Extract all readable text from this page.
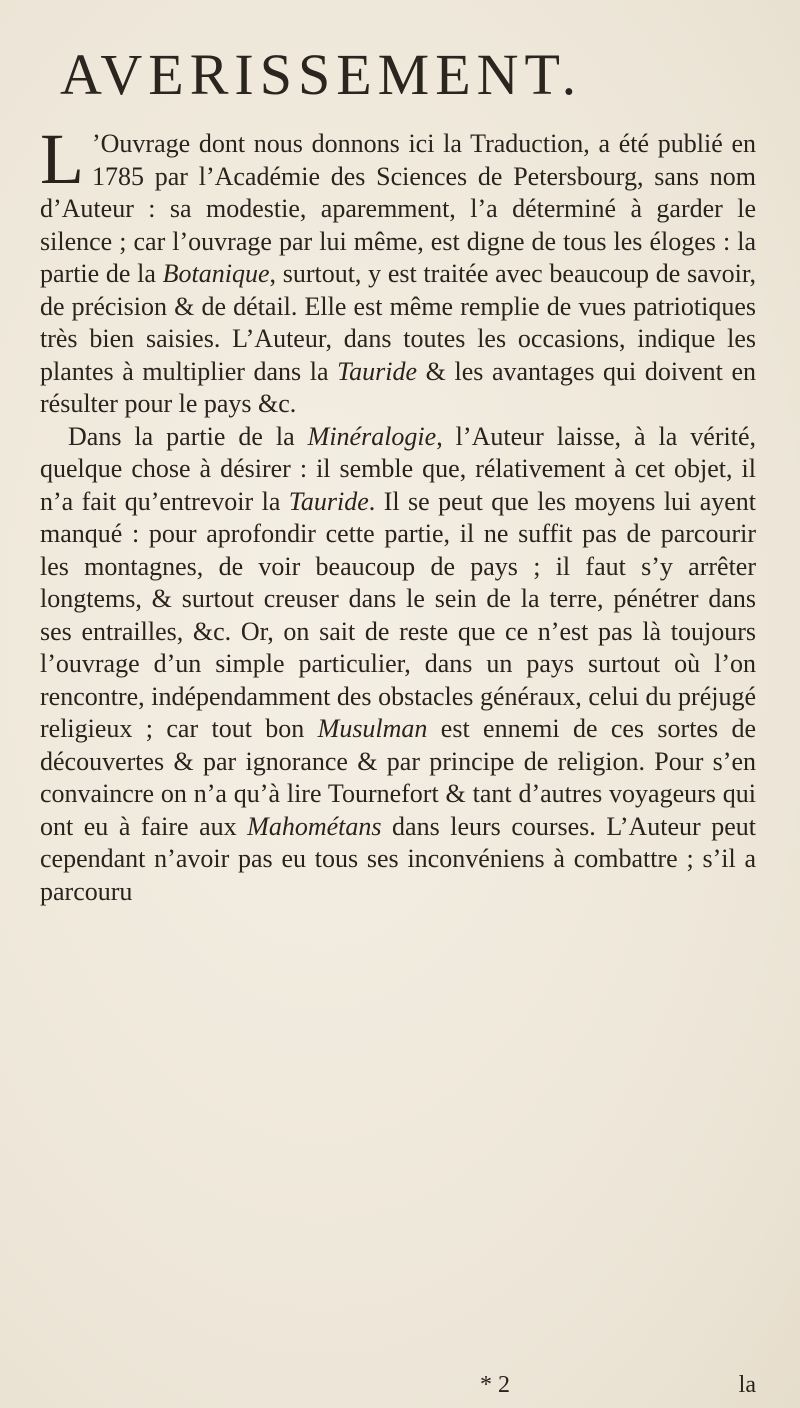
AVERISSEMENT.

L ’Ouvrage dont nous donnons ici la Traduction, a été publié en 1785 par l’Académie des Sciences de Petersbourg, sans nom d’Auteur : sa modestie, aparemment, l’a déterminé à garder le silence ; car l’ouvrage par lui même, est digne de tous les éloges : la partie de la Botanique, surtout, y est traitée avec beaucoup de savoir, de précision & de détail. Elle est même remplie de vues patriotiques très bien saisies. L’Auteur, dans toutes les occasions, indique les plantes à multiplier dans la Tauride & les avantages qui doivent en résulter pour le pays &c.

Dans la partie de la Minéralogie, l’Auteur laisse, à la vérité, quelque chose à désirer : il semble que, rélativement à cet objet, il n’a fait qu’entrevoir la Tauride. Il se peut que les moyens lui ayent manqué : pour aprofondir cette partie, il ne suffit pas de parcourir les montagnes, de voir beaucoup de pays ; il faut s’y arrêter longtems, & surtout creuser dans le sein de la terre, pénétrer dans ses entrailles, &c. Or, on sait de reste que ce n’est pas là toujours l’ouvrage d’un simple particulier, dans un pays surtout où l’on rencontre, indépendamment des obstacles généraux, celui du préjugé religieux ; car tout bon Musulman est ennemi de ces sortes de découvertes & par ignorance & par principe de religion. Pour s’en convaincre on n’a qu’à lire Tournefort & tant d’autres voyageurs qui ont eu à faire aux Mahométans dans leurs courses. L’Auteur peut cependant n’avoir pas eu tous ses inconvéniens à combattre ; s’il a parcouru

* 2	la
